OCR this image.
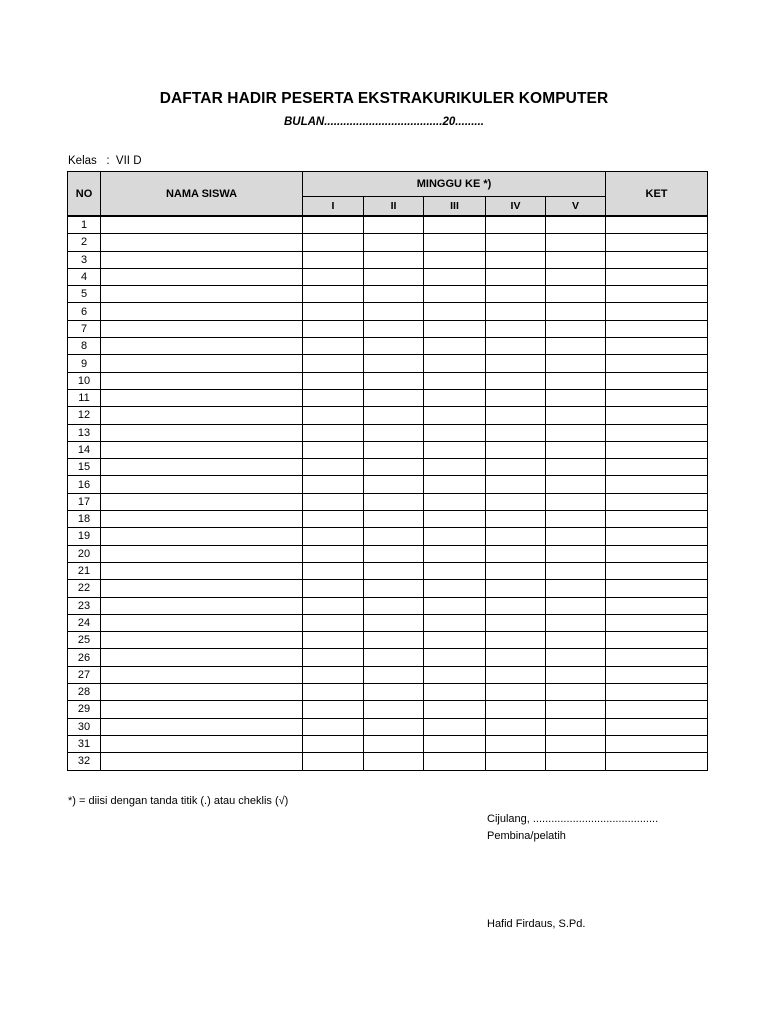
DAFTAR HADIR PESERTA EKSTRAKURIKULER KOMPUTER
BULAN.....................................20.........
Kelas   :  VII D
NO	NAMA SISWA	MINGGU KE *)					KET
		I	II	III	IV	V	
1							
2							
3							
4							
5							
6							
7							
8							
9							
10							
11							
12							
13							
14							
15							
16							
17							
18							
19							
20							
21							
22							
23							
24							
25							
26							
27							
28							
29							
30							
31							
32							
*) = diisi dengan tanda titik (.) atau cheklis (√)
Cijulang, .........................................
Pembina/pelatih
Hafid Firdaus, S.Pd.
